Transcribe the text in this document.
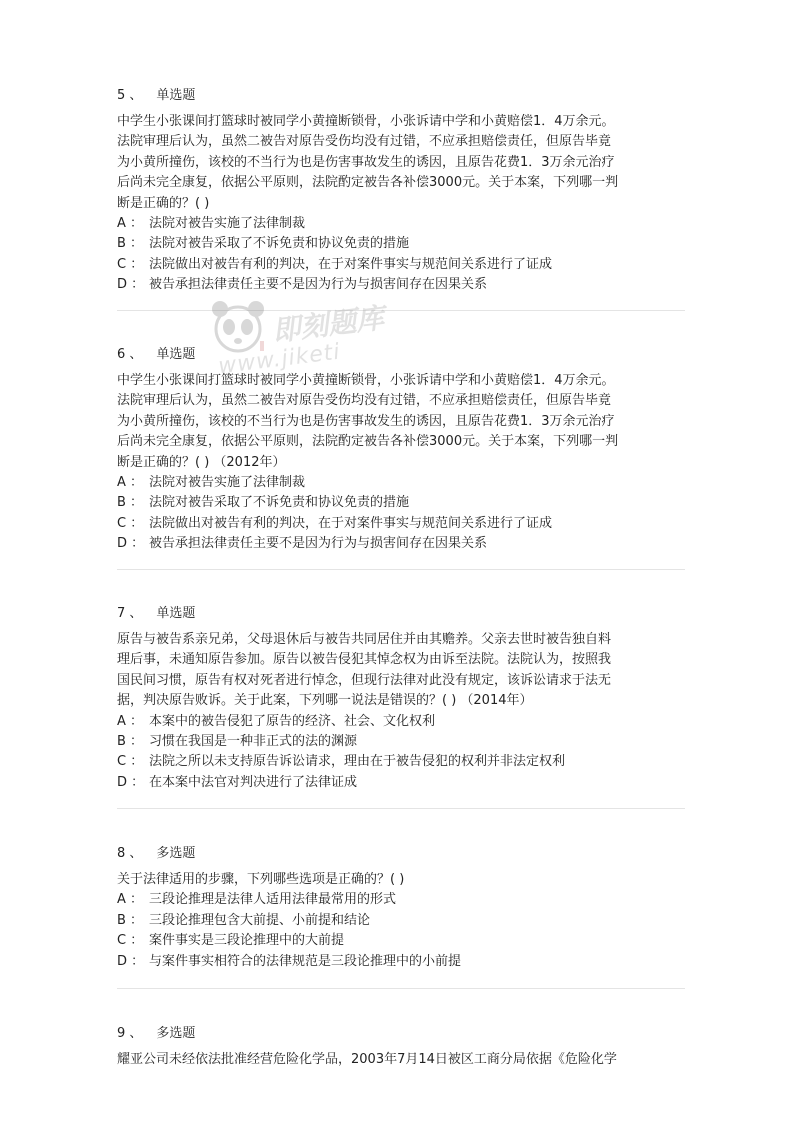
5 、 单选题
中学生小张课间打篮球时被同学小黄撞断锁骨，小张诉请中学和小黄赔偿1．4万余元。
法院审理后认为，虽然二被告对原告受伤均没有过错，不应承担赔偿责任，但原告毕竟
为小黄所撞伤，该校的不当行为也是伤害事故发生的诱因，且原告花费1．3万余元治疗
后尚未完全康复，依据公平原则，法院酌定被告各补偿3000元。关于本案，下列哪一判
断是正确的？( )
A ： 法院对被告实施了法律制裁
B ： 法院对被告采取了不诉免责和协议免责的措施
C ： 法院做出对被告有利的判决，在于对案件事实与规范间关系进行了证成
D ： 被告承担法律责任主要不是因为行为与损害间存在因果关系
6 、 单选题
中学生小张课间打篮球时被同学小黄撞断锁骨，小张诉请中学和小黄赔偿1．4万余元。
法院审理后认为，虽然二被告对原告受伤均没有过错，不应承担赔偿责任，但原告毕竟
为小黄所撞伤，该校的不当行为也是伤害事故发生的诱因，且原告花费1．3万余元治疗
后尚未完全康复，依据公平原则，法院酌定被告各补偿3000元。关于本案，下列哪一判
断是正确的？( ) （2012年）
A ： 法院对被告实施了法律制裁
B ： 法院对被告采取了不诉免责和协议免责的措施
C ： 法院做出对被告有利的判决，在于对案件事实与规范间关系进行了证成
D ： 被告承担法律责任主要不是因为行为与损害间存在因果关系
7 、 单选题
原告与被告系亲兄弟，父母退休后与被告共同居住并由其赡养。父亲去世时被告独自料
理后事，未通知原告参加。原告以被告侵犯其悼念权为由诉至法院。法院认为，按照我
国民间习惯，原告有权对死者进行悼念，但现行法律对此没有规定，该诉讼请求于法无
据，判决原告败诉。关于此案，下列哪一说法是错误的？( ) （2014年）
A ： 本案中的被告侵犯了原告的经济、社会、文化权利
B ： 习惯在我国是一种非正式的法的渊源
C ： 法院之所以未支持原告诉讼请求，理由在于被告侵犯的权利并非法定权利
D ： 在本案中法官对判决进行了法律证成
8 、 多选题
关于法律适用的步骤，下列哪些选项是正确的？( )
A ： 三段论推理是法律人适用法律最常用的形式
B ： 三段论推理包含大前提、小前提和结论
C ： 案件事实是三段论推理中的大前提
D ： 与案件事实相符合的法律规范是三段论推理中的小前提
9 、 多选题
耀亚公司未经依法批准经营危险化学品，2003年7月14日被区工商分局依据《危险化学
即刻题库
www.jiketi
